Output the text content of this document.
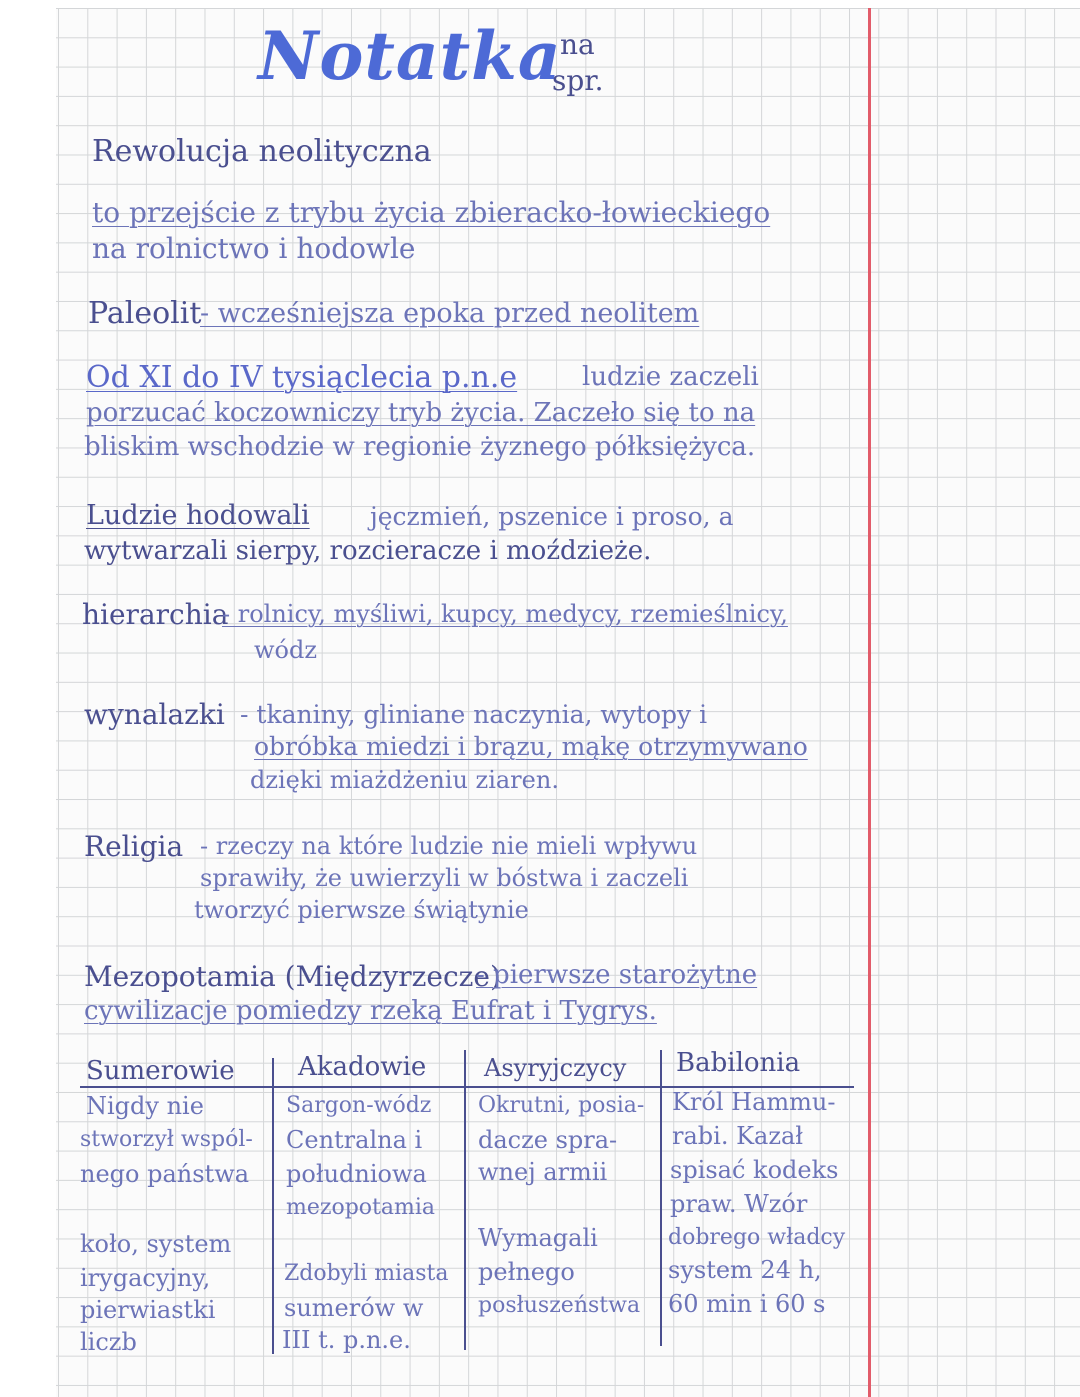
Notatka
na
spr.
Rewolucja neolityczna
to przejście z trybu życia zbieracko-łowieckiego
na rolnictwo i hodowle
Paleolit
- wcześniejsza epoka przed neolitem
Od XI do IV tysiąclecia p.n.e ludzie zaczeli
porzucać koczowniczy tryb życia. Zaczeło się to na
bliskim wschodzie w regionie żyznego półksiężyca.
Ludzie hodowali jęczmień, pszenice i proso, a
wytwarzali sierpy, rozcieracze i moździeże.
hierarchia
- rolnicy, myśliwi, kupcy, medycy, rzemieślnicy,
wódz
wynalazki - tkaniny, gliniane naczynia, wytopy i
obróbka miedzi i brązu, mąkę otrzymywano
dzięki miażdżeniu ziaren.
Religia - rzeczy na które ludzie nie mieli wpływu
sprawiły, że uwierzyli w bóstwa i zaczeli
tworzyć pierwsze świątynie
Mezopotamia (Międzyrzecze)
- pierwsze starożytne
cywilizacje pomiedzy rzeką Eufrat i Tygrys.
Sumerowie Akadowie Asyryjczycy Babilonia
Nigdy nie
stworzył wspól-
nego państwa
koło, system
irygacyjny,
pierwiastki
liczb
Sargon-wódz
Centralna i
południowa
mezopotamia
Zdobyli miasta
sumerów w
III t. p.n.e.
Okrutni, posia-
dacze spra-
wnej armii
Wymagali
pełnego
posłuszeństwa
Król Hammu-
rabi. Kazał
spisać kodeks
praw. Wzór
dobrego władcy
system 24 h,
60 min i 60 s
